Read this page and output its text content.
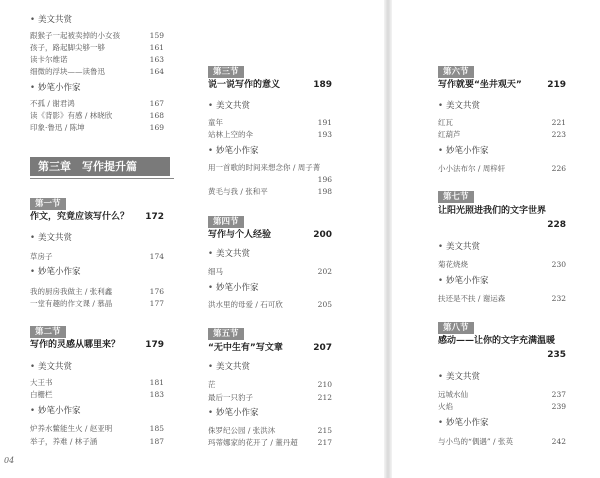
• 美文共赏
跟猴子一起被卖掉的小女孩	159
孩子，路起脚尖够一够	161
读卡尔维诺	163
细微的浮块——读鲁迅	164
• 妙笔小作家
不孤 / 谢君鸿	167
读《背影》有感 / 林晓欣	168
印象·鲁迅 / 陈坤	169
第三章　写作提升篇
第一节
作文，究竟应该写什么？ 172
• 美文共赏
草房子	174
• 妙笔小作家
我的厨房我做主 / 张利鑫	176
一堂有趣的作文课 / 慕晶	177
第二节
写作的灵感从哪里来？	179
• 美文共赏
大王书	181
白栅栏	183
• 妙笔小作家
炉养水鳖能生火 / 赵亚明	185
举子，养难 / 林子涵	187
第三节
说一说写作的意义	189
• 美文共赏
童年	191
站林上空的伞	193
• 妙笔小作家
用一首歌的时间来想念你 / 周子菁
196
黄毛与我 / 张和平	198
第四节
写作与个人经验	200
• 美文共赏
细马	202
• 妙笔小作家
洪水里的母爱 / 石可欣	205
第五节
“无中生有”写文章	207
• 美文共赏
茫	210
最后一只豹子	212
• 妙笔小作家
侏罗纪公园 / 张洪沐	215
玛蒂娜家的花开了 / 董丹超	217
第六节
写作就要“坐井观天”	219
• 美文共赏
红瓦	221
红葫芦	223
• 妙笔小作家
小小法布尔 / 周梓轩	226
第七节
让阳光照进我们的文字世界
228
• 美文共赏
菊花烧烧	230
• 妙笔小作家
扶还是不扶 / 谢运森	232
第八节
感动——让你的文字充满温暖
235
• 美文共赏
远城水仙	237
火焰	239
• 妙笔小作家
与小鸟的“偶遇” / 张英	242
04
